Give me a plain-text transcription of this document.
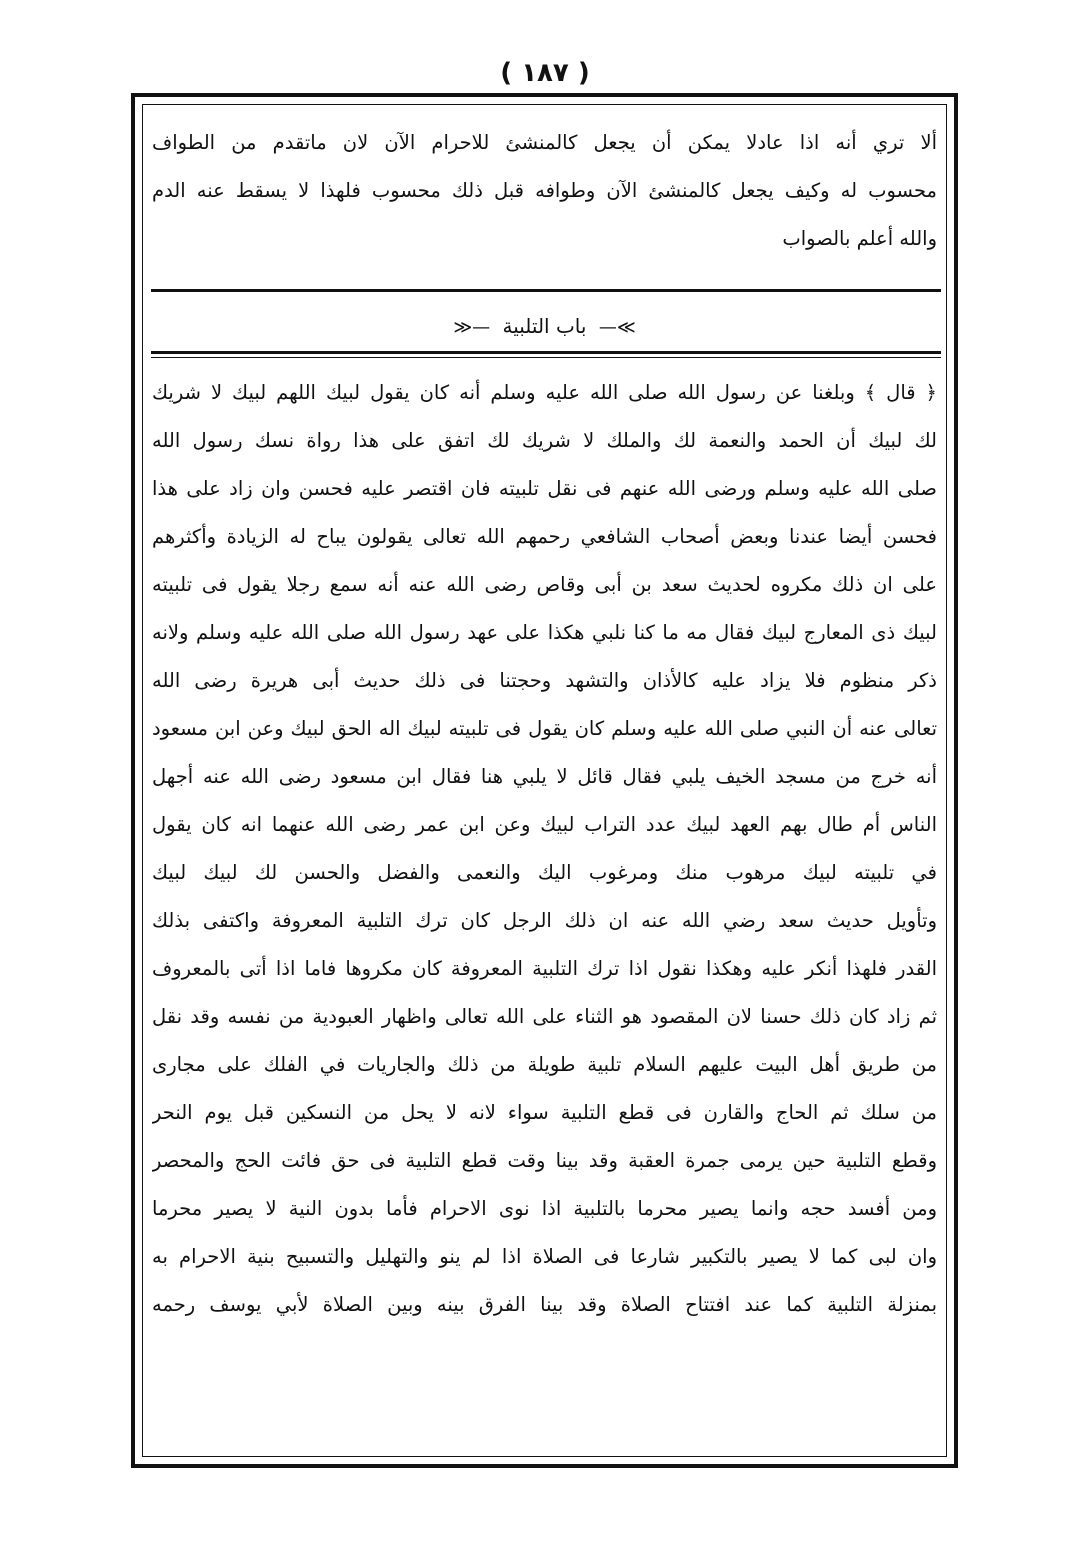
( ١٨٧ )
ألا تري أنه اذا عادلا يمكن أن يجعل كالمنشئ للاحرام الآن لان ماتقدم من الطواف
محسوب له وكيف يجعل كالمنشئ الآن وطوافه قبل ذلك محسوب فلهذا لا يسقط عنه الدم
والله أعلم بالصواب
≫— باب التلبية —≪
﴿ قال ﴾ وبلغنا عن رسول الله صلى الله عليه وسلم أنه كان يقول لبيك اللهم لبيك لا شريك
لك لبيك أن الحمد والنعمة لك والملك لا شريك لك اتفق على هذا رواة نسك رسول الله
صلى الله عليه وسلم ورضى الله عنهم فى نقل تلبيته فان اقتصر عليه فحسن وان زاد على هذا
فحسن أيضا عندنا وبعض أصحاب الشافعي رحمهم الله تعالى يقولون يباح له الزيادة وأكثرهم
على ان ذلك مكروه لحديث سعد بن أبى وقاص رضى الله عنه أنه سمع رجلا يقول فى تلبيته
لبيك ذى المعارج لبيك فقال مه ما كنا نلبي هكذا على عهد رسول الله صلى الله عليه وسلم ولانه
ذكر منظوم فلا يزاد عليه كالأذان والتشهد وحجتنا فى ذلك حديث أبى هريرة رضى الله
تعالى عنه أن النبي صلى الله عليه وسلم كان يقول فى تلبيته لبيك اله الحق لبيك وعن ابن مسعود
أنه خرج من مسجد الخيف يلبي فقال قائل لا يلبي هنا فقال ابن مسعود رضى الله عنه أجهل
الناس أم طال بهم العهد لبيك عدد التراب لبيك وعن ابن عمر رضى الله عنهما انه كان يقول
في تلبيته لبيك مرهوب منك ومرغوب اليك والنعمى والفضل والحسن لك لبيك لبيك
وتأويل حديث سعد رضي الله عنه ان ذلك الرجل كان ترك التلبية المعروفة واكتفى بذلك
القدر فلهذا أنكر عليه وهكذا نقول اذا ترك التلبية المعروفة كان مكروها فاما اذا أتى بالمعروف
ثم زاد كان ذلك حسنا لان المقصود هو الثناء على الله تعالى واظهار العبودية من نفسه وقد نقل
من طريق أهل البيت عليهم السلام تلبية طويلة من ذلك والجاريات في الفلك على مجارى
من سلك ثم الحاج والقارن فى قطع التلبية سواء لانه لا يحل من النسكين قبل يوم النحر
وقطع التلبية حين يرمى جمرة العقبة وقد بينا وقت قطع التلبية فى حق فائت الحج والمحصر
ومن أفسد حجه وانما يصير محرما بالتلبية اذا نوى الاحرام فأما بدون النية لا يصير محرما
وان لبى كما لا يصير بالتكبير شارعا فى الصلاة اذا لم ينو والتهليل والتسبيح بنية الاحرام به
بمنزلة التلبية كما عند افتتاح الصلاة وقد بينا الفرق بينه وبين الصلاة لأبي يوسف رحمه
